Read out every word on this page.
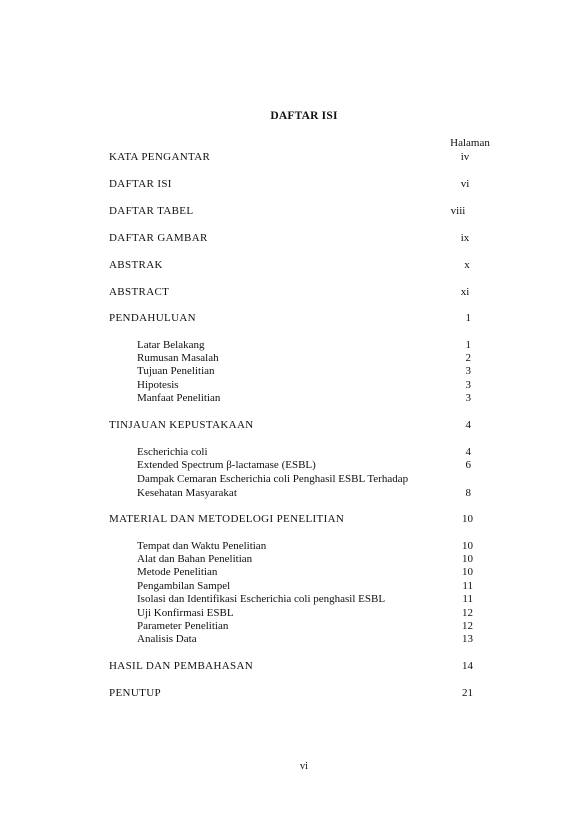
DAFTAR ISI
Halaman
KATA PENGANTAR	iv
DAFTAR ISI	vi
DAFTAR TABEL	viii
DAFTAR GAMBAR	ix
ABSTRAK	x
ABSTRACT	xi
PENDAHULUAN	1
Latar Belakang	1
Rumusan Masalah	2
Tujuan Penelitian	3
Hipotesis	3
Manfaat Penelitian	3
TINJAUAN KEPUSTAKAAN	4
Escherichia coli	4
Extended Spectrum β-lactamase (ESBL)	6
Dampak Cemaran Escherichia coli Penghasil ESBL Terhadap
Kesehatan Masyarakat	8
MATERIAL DAN METODELOGI PENELITIAN	10
Tempat dan Waktu Penelitian	10
Alat dan Bahan Penelitian	10
Metode Penelitian	10
Pengambilan Sampel	11
Isolasi dan Identifikasi Escherichia coli penghasil ESBL	11
Uji Konfirmasi ESBL	12
Parameter Penelitian	12
Analisis Data	13
HASIL DAN PEMBAHASAN	14
PENUTUP	21
vi
